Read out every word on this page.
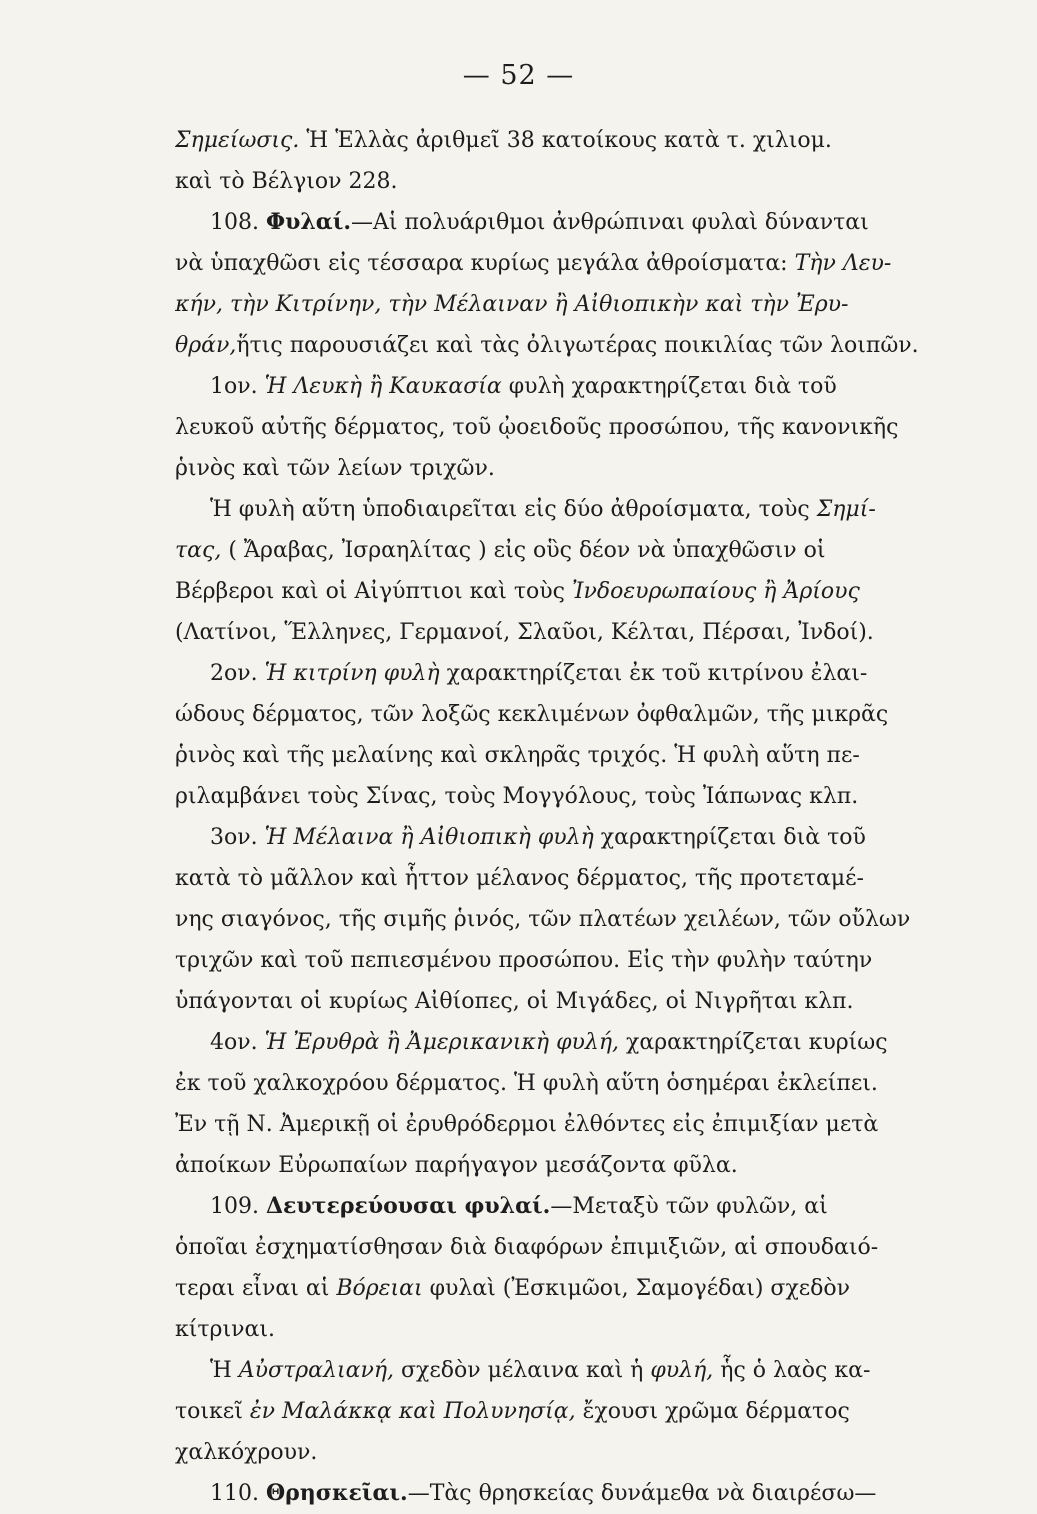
— 52 —
Σημείωσις. Ἡ Ἑλλὰς ἀριθμεῖ 38 κατοίκους κατὰ τ. χιλιομ.
καὶ τὸ Βέλγιον 228.
108. Φυλαί.—Αἱ πολυάριθμοι ἀνθρώπιναι φυλαὶ δύνανται
νὰ ὑπαχθῶσι εἰς τέσσαρα κυρίως μεγάλα ἀθροίσματα: Τὴν Λευ-
κήν, τὴν Κιτρίνην, τὴν Μέλαιναν ἢ Αἰθιοπικὴν καὶ τὴν Ἐρυ-
θράν,ἥτις παρουσιάζει καὶ τὰς ὀλιγωτέρας ποικιλίας τῶν λοιπῶν.
1ον. Ἡ Λευκὴ ἢ Καυκασία φυλὴ χαρακτηρίζεται διὰ τοῦ
λευκοῦ αὐτῆς δέρματος, τοῦ ᾠοειδοῦς προσώπου, τῆς κανονικῆς
ῥινὸς καὶ τῶν λείων τριχῶν.
Ἡ φυλὴ αὕτη ὑποδιαιρεῖται εἰς δύο ἀθροίσματα, τοὺς Σημί-
τας, ( Ἄραβας, Ἰσραηλίτας ) εἰς οὓς δέον νὰ ὑπαχθῶσιν οἱ
Βέρβεροι καὶ οἱ Αἰγύπτιοι καὶ τοὺς Ἰνδοευρωπαίους ἢ Ἀρίους
(Λατίνοι, Ἕλληνες, Γερμανοί, Σλαῦοι, Κέλται, Πέρσαι, Ἰνδοί).
2ον. Ἡ κιτρίνη φυλὴ χαρακτηρίζεται ἐκ τοῦ κιτρίνου ἐλαι-
ώδους δέρματος, τῶν λοξῶς κεκλιμένων ὀφθαλμῶν, τῆς μικρᾶς
ῥινὸς καὶ τῆς μελαίνης καὶ σκληρᾶς τριχός. Ἡ φυλὴ αὕτη πε-
ριλαμβάνει τοὺς Σίνας, τοὺς Μογγόλους, τοὺς Ἰάπωνας κλπ.
3ον. Ἡ Μέλαινα ἢ Αἰθιοπικὴ φυλὴ χαρακτηρίζεται διὰ τοῦ
κατὰ τὸ μᾶλλον καὶ ἧττον μέλανος δέρματος, τῆς προτεταμέ-
νης σιαγόνος, τῆς σιμῆς ῥινός, τῶν πλατέων χειλέων, τῶν οὔλων
τριχῶν καὶ τοῦ πεπιεσμένου προσώπου. Εἰς τὴν φυλὴν ταύτην
ὑπάγονται οἱ κυρίως Αἰθίοπες, οἱ Μιγάδες, οἱ Νιγρῆται κλπ.
4ον. Ἡ Ἐρυθρὰ ἢ Ἀμερικανικὴ φυλή, χαρακτηρίζεται κυρίως
ἐκ τοῦ χαλκοχρόου δέρματος. Ἡ φυλὴ αὕτη ὁσημέραι ἐκλείπει.
Ἐν τῇ Ν. Ἀμερικῇ οἱ ἐρυθρόδερμοι ἐλθόντες εἰς ἐπιμιξίαν μετὰ
ἀποίκων Εὐρωπαίων παρήγαγον μεσάζοντα φῦλα.
109. Δευτερεύουσαι φυλαί.—Μεταξὺ τῶν φυλῶν, αἱ
ὁποῖαι ἐσχηματίσθησαν διὰ διαφόρων ἐπιμιξιῶν, αἱ σπουδαιό-
τεραι εἶναι αἱ Βόρειαι φυλαὶ (Ἐσκιμῶοι, Σαμογέδαι) σχεδὸν
κίτριναι.
Ἡ Αὐστραλιανή, σχεδὸν μέλαινα καὶ ἡ φυλή, ἧς ὁ λαὸς κα-
τοικεῖ ἐν Μαλάκκᾳ καὶ Πολυνησίᾳ, ἔχουσι χρῶμα δέρματος
χαλκόχρουν.
110. Θρησκεῖαι.—Τὰς θρησκείας δυνάμεθα νὰ διαιρέσω—
